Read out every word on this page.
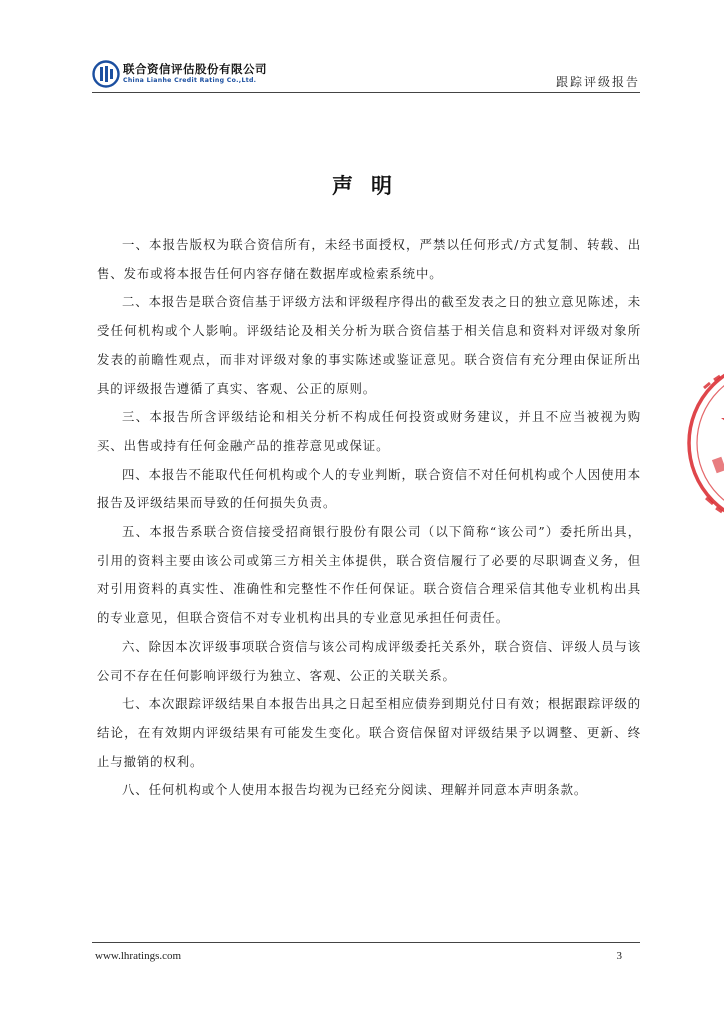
联合资信评估股份有限公司
China Lianhe Credit Rating Co.,Ltd.	跟踪评级报告
声明

一、本报告版权为联合资信所有，未经书面授权，严禁以任何形式/方式复制、转载、出售、发布或将本报告任何内容存储在数据库或检索系统中。

二、本报告是联合资信基于评级方法和评级程序得出的截至发表之日的独立意见陈述，未受任何机构或个人影响。评级结论及相关分析为联合资信基于相关信息和资料对评级对象所发表的前瞻性观点，而非对评级对象的事实陈述或鉴证意见。联合资信有充分理由保证所出具的评级报告遵循了真实、客观、公正的原则。

三、本报告所含评级结论和相关分析不构成任何投资或财务建议，并且不应当被视为购买、出售或持有任何金融产品的推荐意见或保证。

四、本报告不能取代任何机构或个人的专业判断，联合资信不对任何机构或个人因使用本报告及评级结果而导致的任何损失负责。

五、本报告系联合资信接受招商银行股份有限公司（以下简称“该公司”）委托所出具，引用的资料主要由该公司或第三方相关主体提供，联合资信履行了必要的尽职调查义务，但对引用资料的真实性、准确性和完整性不作任何保证。联合资信合理采信其他专业机构出具的专业意见，但联合资信不对专业机构出具的专业意见承担任何责任。

六、除因本次评级事项联合资信与该公司构成评级委托关系外，联合资信、评级人员与该公司不存在任何影响评级行为独立、客观、公正的关联关系。

七、本次跟踪评级结果自本报告出具之日起至相应债券到期兑付日有效；根据跟踪评级的结论，在有效期内评级结果有可能发生变化。联合资信保留对评级结果予以调整、更新、终止与撤销的权利。

八、任何机构或个人使用本报告均视为已经充分阅读、理解并同意本声明条款。

www.lhratings.com	3
